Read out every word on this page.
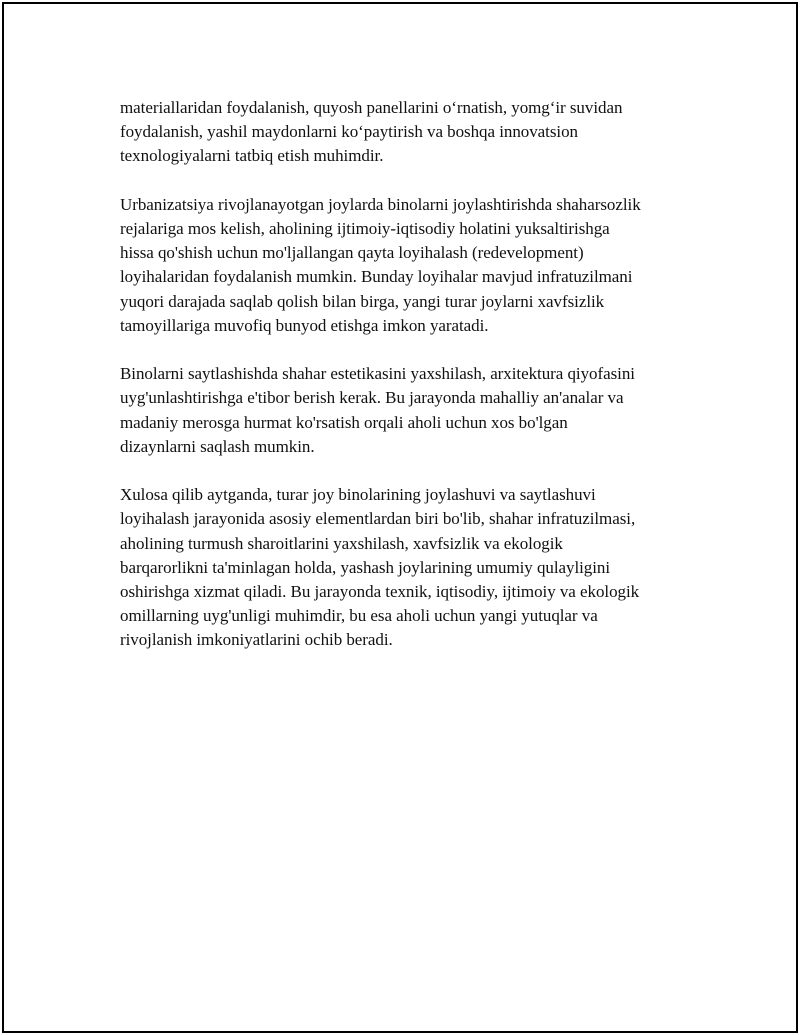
materiallaridan foydalanish, quyosh panellarini o‘rnatish, yomg‘ir suvidan
foydalanish, yashil maydonlarni ko‘paytirish va boshqa innovatsion
texnologiyalarni tatbiq etish muhimdir.

Urbanizatsiya rivojlanayotgan joylarda binolarni joylashtirishda shaharsozlik
rejalariga mos kelish, aholining ijtimoiy-iqtisodiy holatini yuksaltirishga
hissa qo'shish uchun mo'ljallangan qayta loyihalash (redevelopment)
loyihalaridan foydalanish mumkin. Bunday loyihalar mavjud infratuzilmani
yuqori darajada saqlab qolish bilan birga, yangi turar joylarni xavfsizlik
tamoyillariga muvofiq bunyod etishga imkon yaratadi.

Binolarni saytlashishda shahar estetikasini yaxshilash, arxitektura qiyofasini
uyg'unlashtirishga e'tibor berish kerak. Bu jarayonda mahalliy an'analar va
madaniy merosga hurmat ko'rsatish orqali aholi uchun xos bo'lgan
dizaynlarni saqlash mumkin.

Xulosa qilib aytganda, turar joy binolarining joylashuvi va saytlashuvi
loyihalash jarayonida asosiy elementlardan biri bo'lib, shahar infratuzilmasi,
aholining turmush sharoitlarini yaxshilash, xavfsizlik va ekologik
barqarorlikni ta'minlagan holda, yashash joylarining umumiy qulayligini
oshirishga xizmat qiladi. Bu jarayonda texnik, iqtisodiy, ijtimoiy va ekologik
omillarning uyg'unligi muhimdir, bu esa aholi uchun yangi yutuqlar va
rivojlanish imkoniyatlarini ochib beradi.
